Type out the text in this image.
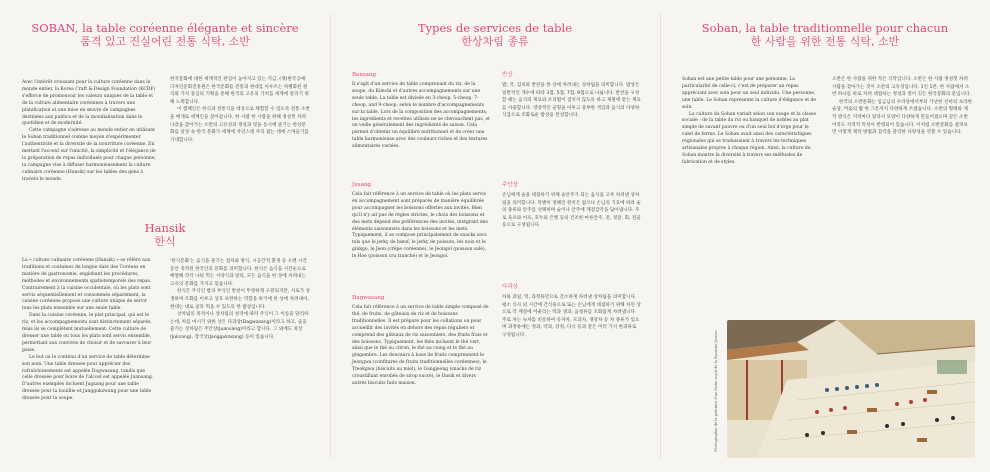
SOBAN, la table coréenne élégante et sincère
품격 있고 진실어린 전통 식탁, 소반

Avec l'intérêt croissant pour la culture coréenne dans le monde entier, la Korea Craft & Design Foundation (KCDF) s'efforce de promouvoir les valeurs uniques de la table et de la culture alimentaire coréennes à travers une planification et une mise en œuvre de campagnes destinées aux publics et de la mondialisation dans le quotidien et de modernité.

Cette campagne s'adresse au monde entier en utilisant le Soban traditionnel comme moyen d'expérimenter l'authenticité et la diversité de la nourriture coréenne. En mettant l'accent sur l'unicité, la simplicité et l'élégance de la préparation de repas individuels pour chaque personne, la campagne vise à diffuser harmonieusement la culture culinaire coréenne (Hansik) sur les tables des gens à travers le monde.

한국문화에 대한 세계적인 관심이 높아지고 있는 지금, (재)한국공예·디자인문화진흥원은 한국문화를 전통과 현대를 아우르는 차별화된 원리와 가치 중심의 기획을 통해 한국의 고유의 가치를 세계에 알리기 위해 노력합니다.

이 캠페인은 한식과 전통식을 대상으로 체험할 수 있도록 전통 소반을 매개로 세계인을 찾아갑니다. 한 사람 한 사람을 위해 정성껏 차려 나갔을 찾아가는 소반의 고유성과 정성과 멋을 동시에 즐기는 한상문화를 일상 속 한국 문화가 세계에 자연스레 자리 잡는 데에 스며들기를 기대합니다.

Hansik
한식

La « culture culinaire coréenne (Hansik) » se réfère aux traditions et coutumes de longue date des Coréens en matière de gastronomie, englobant les procédures, méthodes et environnements spatiotemporels des repas. Contrairement à la cuisine occidentale, où les plats sont servis séquentiellement et consommés séparément, la cuisine coréenne propose une culture unique de servir tous les plats ensemble sur une seule table.

Dans la cuisine coréenne, le plat principal, qui est le riz, et les accompagnements sont distinctement séparés, mais ils se complètent mutuellement. Cette culture de dresser une table où tous les plats sont servis ensemble, permettant aux convives de choisir et de savourer à leur guise.

Le but ou le contenu d'un service de table détermine son nom. Une table dressée pour apprécier des rafraîchissements est appelée Dagwasang, tandis que celle dressée pour boire de l'alcool est appelée Juansang. D'autres exemples incluent Jugsang pour une table dressée pour la bouillie et Janggukswang pour une table dressée pour la soupe.

'한식문화'는 음식을 즐기는 절차와 방식, 시공간적 환경 등 오랜 시간 동안 축적된 한국인의 문화를 의미합니다. 한식은 음식을 시간순으로 배열해 각각 나눠 먹는 서양식과 달리, 모든 음식을 한 상에 차려내는 고유의 문화를 가지고 있습니다.

한식은 주식인 밥과 부식인 반찬이 뚜렷하게 구분되지만, 서로가 상생하며 조화를 이루고 상호 보완하는 역할을 하기에 한 상에 차려내어, 현대는 대로 골라 먹을 수 있도록 한 밥상입니다.

상차림의 목적이나 상차림의 성격에 따라 주식이 그 이름을 달리하는데, 차를 마시기 위한 상은 다과상(Dagwasang)이라고 하고, 술을 즐기는 상차림은 주안상(Juansang)이라고 합니다. 그 외에도 죽상(Juksang), 장국상(Janggukasang) 등이 있습니다.

Types de services de table
한상차림 종류
Bansang
Il s'agit d'un service de table comprenant du riz, de la soupe, du Kimchi et d'autres accompagnements sur une seule table. La table est divisée en 3-cheop, 5-cheop, 7-cheop, and 9-cheop, selon le nombre d'accompagnements sur la table. Lors de la composition des accompagnements, les ingrédients et recettes utilisés ne se chevauchent pas, et on veille généralement des ingrédients de saison. Cela permet d'obtenir un équilibre nutritionnel et de créer une table harmonieuse avec des couleurs riches et des textures alimentaires variées.
반상
밥, 국, 김치와 반찬을 한 상에 차려내는 상차림을 의미합니다. 밥상은 일반적인 개수에 따라 3첩, 5첩, 7첩, 9첩으로 나뉩니다. 반찬을 구성할 때는 음식의 재료와 조리법이 겹치지 않도록 하고 제철에 맞는 재료를 사용합니다. 영양적인 균형을 이루고 풍부한 색감과 음식의 다양한 식감으로 조화로운 밥상을 완성합니다.
Jusang
Cela fait référence à un service de table où les plats servis en accompagnement sont préparés de manière équilibrée pour accompagner les boissons offertes aux invités. Bien qu'il n'y ait pas de règles strictes, le choix des boissons et des mets dépend des préférences des invités, intégrant des éléments saisonniers dans les boissons et les mets. Typiquement, il se compose principalement de snacks secs tels que le jerky de bœuf, le jerky de poisson, les noix et le ginkgo, le Jeon (crêpe coréenne), le Jeongol (poisson salé), le Hoe (poisson cru tranché) et le Jeongol.
주안상
손님에게 술을 대접하기 위해 술안주가 되는 음식을 고루 차려낸 상차림을 의미합니다. 특별히 정해진 원칙은 없으나 손님의 기호에 따라 술의 종류와 안주를 선택하며 술이나 안주에 계절감각을 담아냅니다. 주로 육포와 어포, 호두와 은행 등의 건조한 마른안주, 전, 젓갈, 회, 전골 등으로 구성됩니다.
Dagwasang
Cela fait référence à un service de table simple composé de thé, de fruits, de gâteaux de riz et de boissons traditionnelles. Il est préparé pour les collations ou pour accueillir des invités en dehors des repas réguliers et comprend des gâteaux de riz saisonniers, des fruits frais et des boissons. Typiquement, les thés incluent le thé vert, ainsi que le thé au citron, le thé au coing et le thé au gingembre. Les douceurs à base de fruits comprennent le Jeongwa (confitures de fruits traditionnelles coréennes), le Tteokgwa (biscuits au miel), le Gangjeong (snacks de riz croustillant enrobés de sirop sucré), le Dasik et divers autres biscuits faits maison.
다과상
차와 과일, 떡, 과정류만으로 간소하게 차려낸 상차림을 의미합니다. 평소 식사 외 시간에 간식용으로 또는 손님에게 대접하기 위해 차린 상으로 각 계절에 어울리는 떡과 생과, 음청류를 조화롭게 차려냅니다. 주로 차는 녹차를 비롯하여 유자차, 모과차, 생강차 등 차 종류가 있으며 과정류에는 정과, 약과, 강정, 다식 등과 같은 여러 가지 한과류로 구성됩니다.
Soban, la table traditionnelle pour chacun
한 사람을 위한 전통 식탁, 소반

Soban est une petite table pour une personne. La particularité de celle-ci, c'est de préparer un repas appréciant avec soin pour un seul individu. Une personne, une table. Le Soban représente la culture d'élégance et de soin.

La culture du Soban variait selon son usage et la classe sociale : de la table du roi ou banquet de nobles au plat simple de savant pauvre ou d'un seul bol d'orge pour le valet de ferme. Le Soban avait ainsi des caractéristiques régionales qui se traduisaient à travers les techniques artisanales propres à chaque région. Ainsi, la culture du Soban montre la diversité à travers ses méthodes de fabrication et de styles.

소반은 한 사람을 위한 작은 식탁입니다. 소반은 한 사람 정성껏 차려 사람을 찾아가는 것이 소반의 고유성입니다. 1인 1반, 한 사람에서 소반 하나를 따로 차려 대접하는 정성과 멋이 깃든 한국문화의 문입니다.

한국의 소반문화는 임금님의 수라상에서부터 가난한 선비의 초라한 술상, 머슴의 밥 한 그릇까지 다양하게 쓰였습니다. 소반의 형태와 제작 방식은 지역마다 달라서 모양이 다양하게 만들어졌으며 같은 소반이라도 지역적 특성이 반영되어 있습니다. 이처럼 소반문화를 살펴보면 이렇게 제작 방법과 감각을 달리한 다양성을 엿볼 수 있습니다.

Photographie de la peinture d'un festin royal de la dynastie Joseon
